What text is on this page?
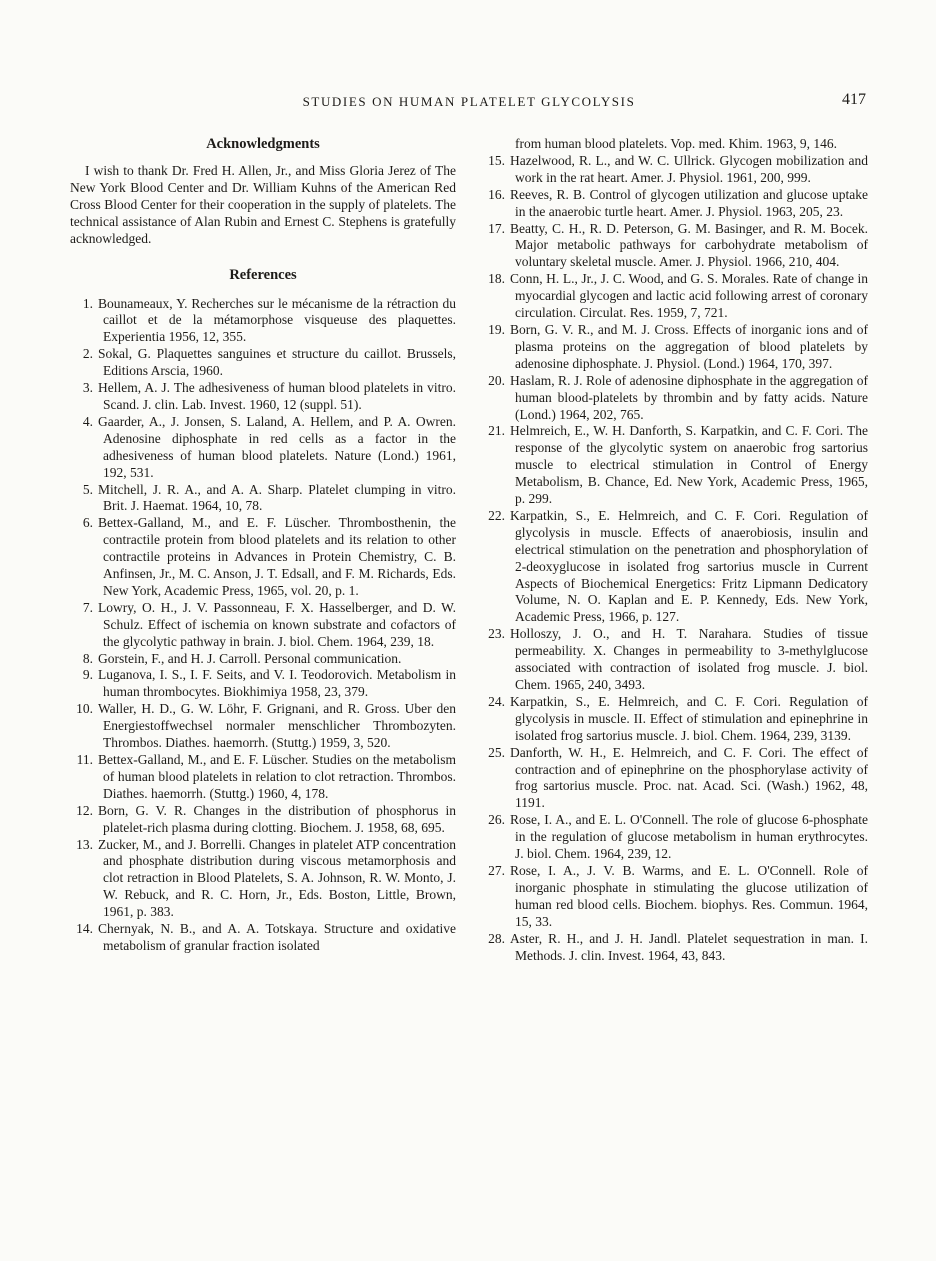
STUDIES ON HUMAN PLATELET GLYCOLYSIS	417
Acknowledgments

I wish to thank Dr. Fred H. Allen, Jr., and Miss Gloria Jerez of The New York Blood Center and Dr. William Kuhns of the American Red Cross Blood Center for their cooperation in the supply of platelets. The technical assistance of Alan Rubin and Ernest C. Stephens is gratefully acknowledged.

References
1. Bounameaux, Y. Recherches sur le mécanisme de la rétraction du caillot et de la métamorphose visqueuse des plaquettes. Experientia 1956, 12, 355.
2. Sokal, G. Plaquettes sanguines et structure du caillot. Brussels, Editions Arscia, 1960.
3. Hellem, A. J. The adhesiveness of human blood platelets in vitro. Scand. J. clin. Lab. Invest. 1960, 12 (suppl. 51).
4. Gaarder, A., J. Jonsen, S. Laland, A. Hellem, and P. A. Owren. Adenosine diphosphate in red cells as a factor in the adhesiveness of human blood platelets. Nature (Lond.) 1961, 192, 531.
5. Mitchell, J. R. A., and A. A. Sharp. Platelet clumping in vitro. Brit. J. Haemat. 1964, 10, 78.
6. Bettex-Galland, M., and E. F. Lüscher. Thrombosthenin, the contractile protein from blood platelets and its relation to other contractile proteins in Advances in Protein Chemistry, C. B. Anfinsen, Jr., M. C. Anson, J. T. Edsall, and F. M. Richards, Eds. New York, Academic Press, 1965, vol. 20, p. 1.
7. Lowry, O. H., J. V. Passonneau, F. X. Hasselberger, and D. W. Schulz. Effect of ischemia on known substrate and cofactors of the glycolytic pathway in brain. J. biol. Chem. 1964, 239, 18.
8. Gorstein, F., and H. J. Carroll. Personal communication.
9. Luganova, I. S., I. F. Seits, and V. I. Teodorovich. Metabolism in human thrombocytes. Biokhimiya 1958, 23, 379.
10. Waller, H. D., G. W. Löhr, F. Grignani, and R. Gross. Uber den Energiestoffwechsel normaler menschlicher Thrombozyten. Thrombos. Diathes. haemorrh. (Stuttg.) 1959, 3, 520.
11. Bettex-Galland, M., and E. F. Lüscher. Studies on the metabolism of human blood platelets in relation to clot retraction. Thrombos. Diathes. haemorrh. (Stuttg.) 1960, 4, 178.
12. Born, G. V. R. Changes in the distribution of phosphorus in platelet-rich plasma during clotting. Biochem. J. 1958, 68, 695.
13. Zucker, M., and J. Borrelli. Changes in platelet ATP concentration and phosphate distribution during viscous metamorphosis and clot retraction in Blood Platelets, S. A. Johnson, R. W. Monto, J. W. Rebuck, and R. C. Horn, Jr., Eds. Boston, Little, Brown, 1961, p. 383.
14. Chernyak, N. B., and A. A. Totskaya. Structure and oxidative metabolism of granular fraction isolated

from human blood platelets. Vop. med. Khim. 1963, 9, 146.

15. Hazelwood, R. L., and W. C. Ullrick. Glycogen mobilization and work in the rat heart. Amer. J. Physiol. 1961, 200, 999.
16. Reeves, R. B. Control of glycogen utilization and glucose uptake in the anaerobic turtle heart. Amer. J. Physiol. 1963, 205, 23.
17. Beatty, C. H., R. D. Peterson, G. M. Basinger, and R. M. Bocek. Major metabolic pathways for carbohydrate metabolism of voluntary skeletal muscle. Amer. J. Physiol. 1966, 210, 404.
18. Conn, H. L., Jr., J. C. Wood, and G. S. Morales. Rate of change in myocardial glycogen and lactic acid following arrest of coronary circulation. Circulat. Res. 1959, 7, 721.
19. Born, G. V. R., and M. J. Cross. Effects of inorganic ions and of plasma proteins on the aggregation of blood platelets by adenosine diphosphate. J. Physiol. (Lond.) 1964, 170, 397.
20. Haslam, R. J. Role of adenosine diphosphate in the aggregation of human blood-platelets by thrombin and by fatty acids. Nature (Lond.) 1964, 202, 765.
21. Helmreich, E., W. H. Danforth, S. Karpatkin, and C. F. Cori. The response of the glycolytic system on anaerobic frog sartorius muscle to electrical stimulation in Control of Energy Metabolism, B. Chance, Ed. New York, Academic Press, 1965, p. 299.
22. Karpatkin, S., E. Helmreich, and C. F. Cori. Regulation of glycolysis in muscle. Effects of anaerobiosis, insulin and electrical stimulation on the penetration and phosphorylation of 2-deoxyglucose in isolated frog sartorius muscle in Current Aspects of Biochemical Energetics: Fritz Lipmann Dedicatory Volume, N. O. Kaplan and E. P. Kennedy, Eds. New York, Academic Press, 1966, p. 127.
23. Holloszy, J. O., and H. T. Narahara. Studies of tissue permeability. X. Changes in permeability to 3-methylglucose associated with contraction of isolated frog muscle. J. biol. Chem. 1965, 240, 3493.
24. Karpatkin, S., E. Helmreich, and C. F. Cori. Regulation of glycolysis in muscle. II. Effect of stimulation and epinephrine in isolated frog sartorius muscle. J. biol. Chem. 1964, 239, 3139.
25. Danforth, W. H., E. Helmreich, and C. F. Cori. The effect of contraction and of epinephrine on the phosphorylase activity of frog sartorius muscle. Proc. nat. Acad. Sci. (Wash.) 1962, 48, 1191.
26. Rose, I. A., and E. L. O'Connell. The role of glucose 6-phosphate in the regulation of glucose metabolism in human erythrocytes. J. biol. Chem. 1964, 239, 12.
27. Rose, I. A., J. V. B. Warms, and E. L. O'Connell. Role of inorganic phosphate in stimulating the glucose utilization of human red blood cells. Biochem. biophys. Res. Commun. 1964, 15, 33.
28. Aster, R. H., and J. H. Jandl. Platelet sequestration in man. I. Methods. J. clin. Invest. 1964, 43, 843.
